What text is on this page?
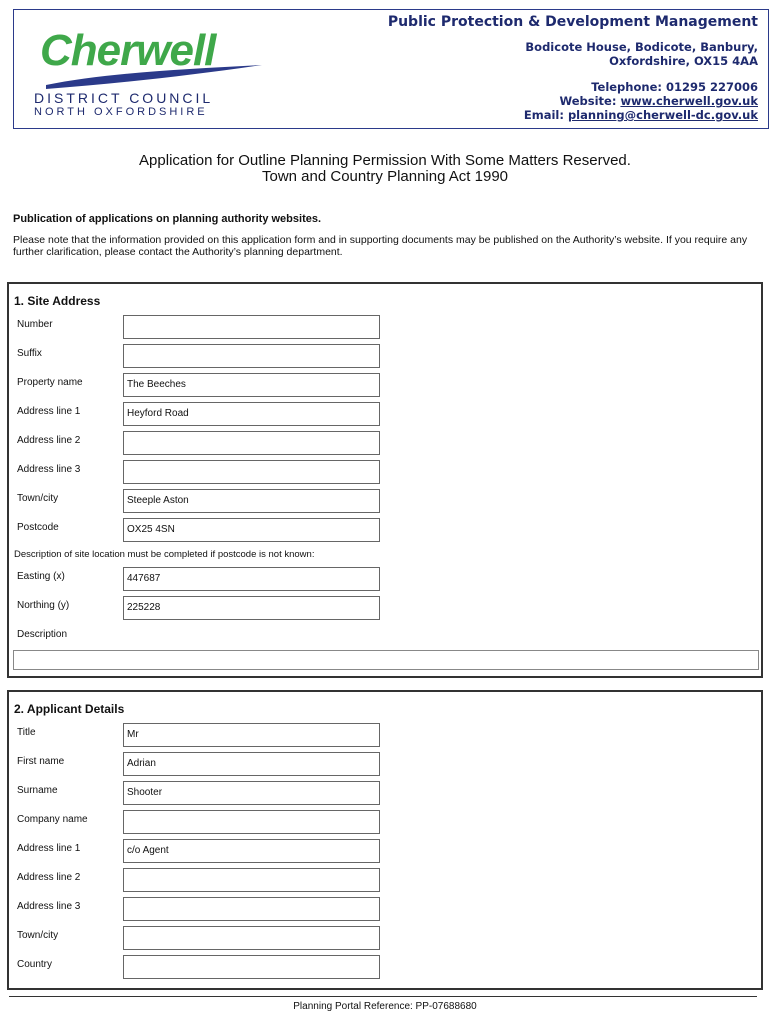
Cherwell
DISTRICT COUNCIL
NORTH OXFORDSHIRE
Public Protection & Development Management
Bodicote House, Bodicote, Banbury,
Oxfordshire, OX15 4AA
Telephone: 01295 227006
Website: www.cherwell.gov.uk
Email: planning@cherwell-dc.gov.uk
Application for Outline Planning Permission With Some Matters Reserved.
Town and Country Planning Act 1990
Publication of applications on planning authority websites.
Please note that the information provided on this application form and in supporting documents may be published on the Authority’s website. If you require any further clarification, please contact the Authority’s planning department.
1. Site Address
Number
Suffix
Property name	The Beeches
Address line 1	Heyford Road
Address line 2
Address line 3
Town/city	Steeple Aston
Postcode	OX25 4SN
Description of site location must be completed if postcode is not known:
Easting (x)	447687
Northing (y)	225228
Description
2. Applicant Details
Title	Mr
First name	Adrian
Surname	Shooter
Company name
Address line 1	c/o Agent
Address line 2
Address line 3
Town/city
Country
Planning Portal Reference: PP-07688680
